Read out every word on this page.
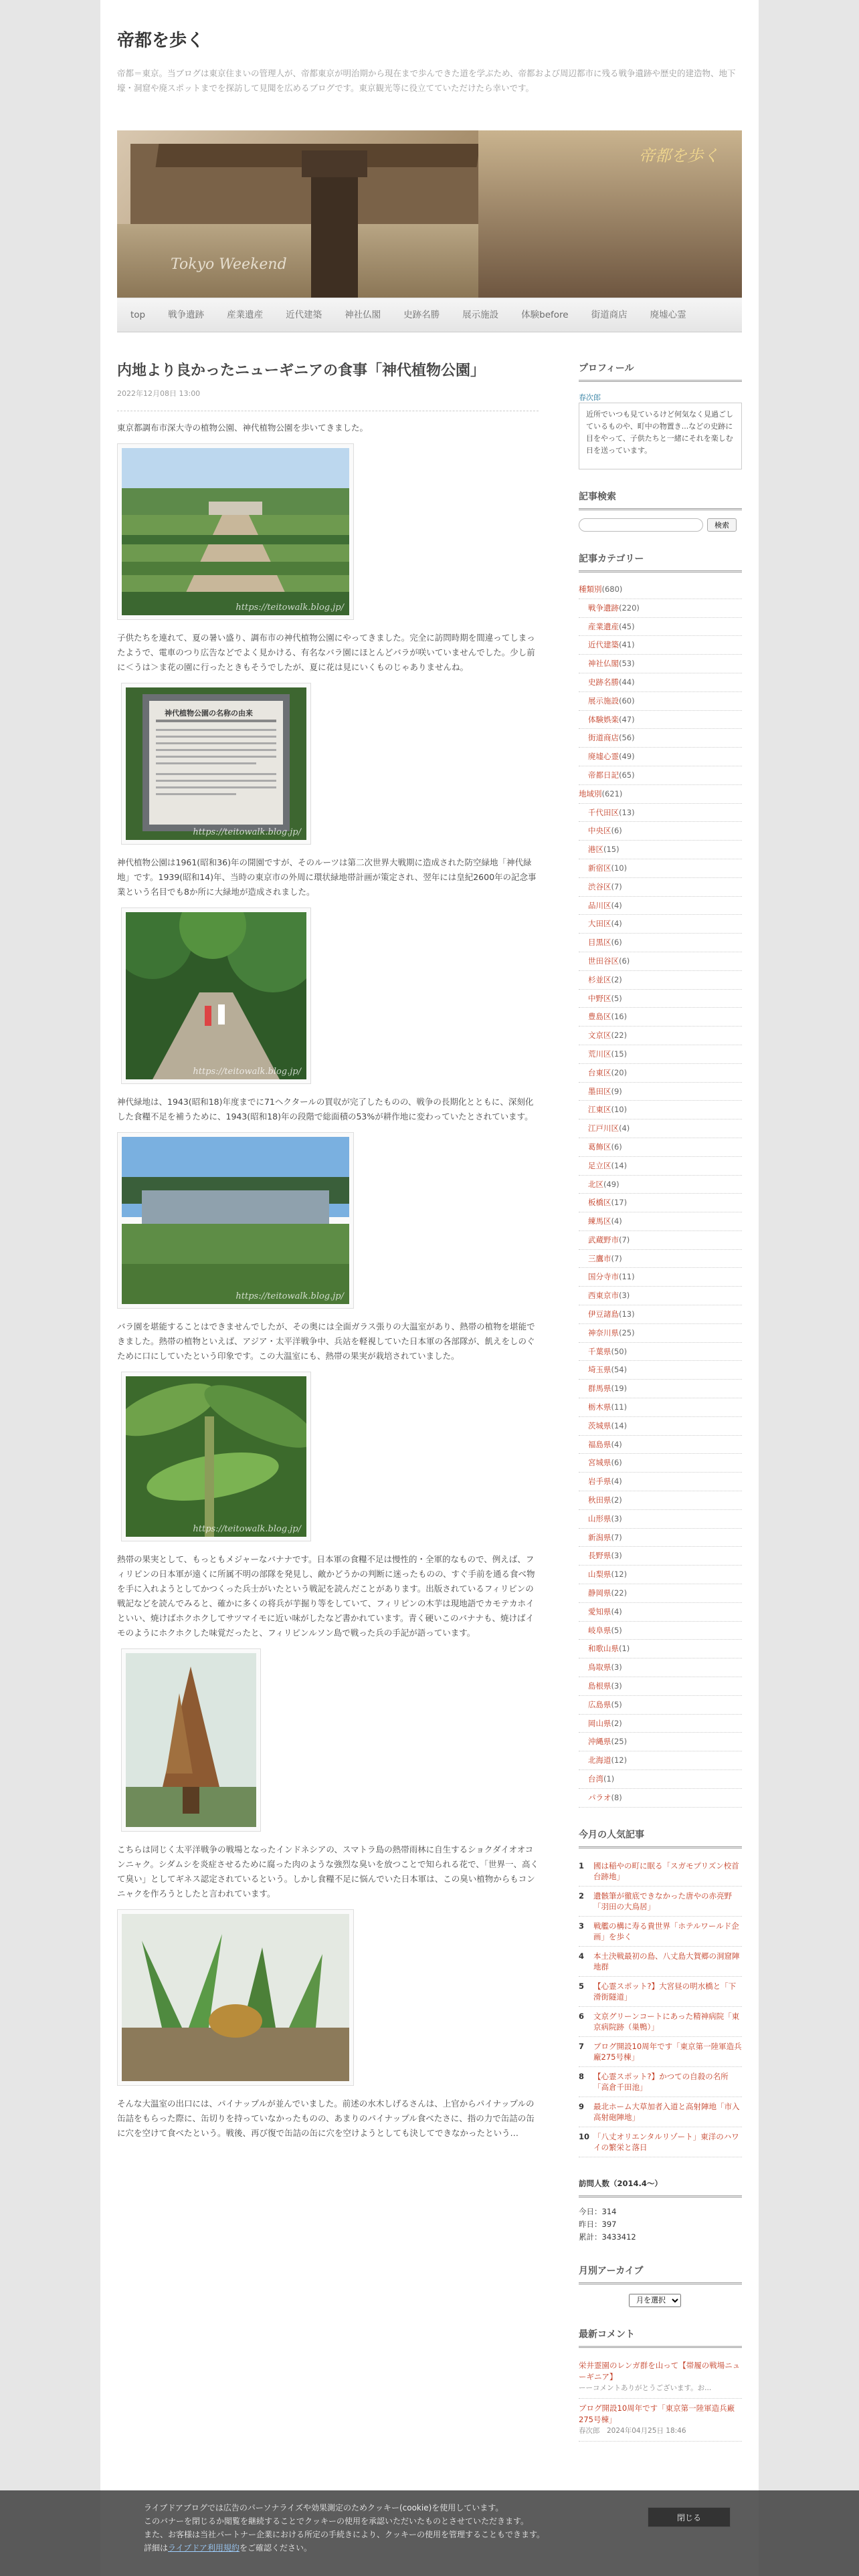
帝都を歩く
帝都＝東京。当ブログは東京住まいの管理人が、帝都東京が明治期から現在まで歩んできた道を学ぶため、帝都および周辺都市に残る戦争遺跡や歴史的建造物、地下壕・洞窟や廃スポットまでを探訪して見聞を広めるブログです。東京観光等に役立てていただけたら幸いです。
帝都を歩く
Tokyo Weekend
top	戦争遺跡	産業遺産	近代建築	神社仏閣	史跡名勝	展示施設	体験before	街道商店	廃墟心霊
内地より良かったニューギニアの食事「神代植物公園」
2022年12月08日 13:00

東京都調布市深大寺の植物公園、神代植物公園を歩いてきました。

https://teitowalk.blog.jp/

子供たちを連れて、夏の暑い盛り、調布市の神代植物公園にやってきました。完全に訪問時期を間違ってしまったようで、電車のつり広告などでよく見かける、有名なバラ園にほとんどバラが咲いていませんでした。少し前に＜うは＞ま花の園に行ったときもそうでしたが、夏に花は見にいくものじゃありませんね。

神代植物公園の名称の由来
https://teitowalk.blog.jp/

神代植物公園は1961(昭和36)年の開園ですが、そのルーツは第二次世界大戦期に造成された防空緑地「神代緑地」です。1939(昭和14)年、当時の東京市の外周に環状緑地帯計画が策定され、翌年には皇紀2600年の記念事業という名目でも8か所に大緑地が造成されました。

https://teitowalk.blog.jp/

神代緑地は、1943(昭和18)年度までに71ヘクタールの買収が完了したものの、戦争の長期化とともに、深刻化した食糧不足を補うために、1943(昭和18)年の段階で総面積の53%が耕作地に変わっていたとされています。

https://teitowalk.blog.jp/

バラ園を堪能することはできませんでしたが、その奥には全面ガラス張りの大温室があり、熱帯の植物を堪能できました。熱帯の植物といえば、アジア・太平洋戦争中、兵站を軽視していた日本軍の各部隊が、飢えをしのぐために口にしていたという印象です。この大温室にも、熱帯の果実が栽培されていました。

https://teitowalk.blog.jp/

熱帯の果実として、もっともメジャーなバナナです。日本軍の食糧不足は慢性的・全軍的なもので、例えば、フィリピンの日本軍が遠くに所属不明の部隊を発見し、敵かどうかの判断に迷ったものの、すぐ手前を通る食べ物を手に入れようとしてかつくった兵士がいたという戦記を読んだことがあります。出版されているフィリピンの戦記などを読んでみると、確かに多くの将兵が芋掘り等をしていて、フィリピンの木芋は現地語でカモテカホイといい、焼けばホクホクしてサツマイモに近い味がしたなど書かれています。青く硬いこのバナナも、焼けばイモのようにホクホクした味覚だったと、フィリピンルソン島で戦った兵の手記が語っています。

こちらは同じく太平洋戦争の戦場となったインドネシアの、スマトラ島の熱帯雨林に自生するショクダイオオコンニャク。シダムシを炎症させるために腐った肉のような強烈な臭いを放つことで知られる花で、「世界一、高くて臭い」としてギネス認定されているという。しかし食糧不足に悩んでいた日本軍は、この臭い植物からもコンニャクを作ろうとしたと言われています。

そんな大温室の出口には、パイナップルが並んでいました。前述の水木しげるさんは、上官からパイナップルの缶詰をもらった際に、缶切りを持っていなかったものの、あまりのパイナップル食べたさに、指の力で缶詰の缶に穴を空けて食べたという。戦後、再び復で缶詰の缶に穴を空けようとしても決してできなかったという…

プロフィール
春次郎
近所でいつも見ているけど何気なく見過ごしているものや、町中の物置き...などの史跡に目をやって、子供たちと一緒にそれを楽しむ日を送っています。
記事検索
検索
記事カテゴリー
種類別(680)
戦争遺跡(220)
産業遺産(45)
近代建築(41)
神社仏閣(53)
史跡名勝(44)
展示施設(60)
体験娯楽(47)
街道商店(56)
廃墟心霊(49)
帝都日記(65)
地域別(621)
千代田区(13)
中央区(6)
港区(15)
新宿区(10)
渋谷区(7)
品川区(4)
大田区(4)
目黒区(6)
世田谷区(6)
杉並区(2)
中野区(5)
豊島区(16)
文京区(22)
荒川区(15)
台東区(20)
墨田区(9)
江東区(10)
江戸川区(4)
葛飾区(6)
足立区(14)
北区(49)
板橋区(17)
練馬区(4)
武蔵野市(7)
三鷹市(7)
国分寺市(11)
西東京市(3)
伊豆諸島(13)
神奈川県(25)
千葉県(50)
埼玉県(54)
群馬県(19)
栃木県(11)
茨城県(14)
福島県(4)
宮城県(6)
岩手県(4)
秋田県(2)
山形県(3)
新潟県(7)
長野県(3)
山梨県(12)
静岡県(22)
愛知県(4)
岐阜県(5)
和歌山県(1)
鳥取県(3)
島根県(3)
広島県(5)
岡山県(2)
沖縄県(25)
北海道(12)
台湾(1)
パラオ(8)
今月の人気記事
1 國は稲やの町に眠る「スガモプリズン校首台跡地」
2 遺骸筆が徹底できなかった唐やの赤亮野「羽田の大鳥居」
3 戦艦の構に寿る貴世界「ホテルワールド企画」を歩く
4 本土決戦最初の島、八丈島大賀郷の洞窟陣地群
5 【心霊スポット?】大宮昼の明水橋と「下滑街隧道」
6 文京グリーンコートにあった精神病院「東京病院跡（巣鴨）」
7 ブログ開設10周年です「東京第一陸軍造兵廠275号棟」
8 【心霊スポット?】かつての自殺の名所「高倉千田池」
9 最北ホーム大草加者入道と高射陣地「市入高射砲陣地」
10 「八丈オリエンタルリゾート」東洋のハワイの繁栄と落日
訪問人数（2014.4～）
今日：314
昨日：397
累計：3433412
月別アーカイブ
月を選択
最新コメント
栄井霊園のレンガ群を山って【帯履の戦場ニューギニア】
ーーコメントありがとうございます。お...
ブログ開設10周年です「東京第一陸軍造兵廠275号棟」
春次郎　2024年04月25日 18:46
ライブドアブログでは広告のパーソナライズや効果測定のためクッキー(cookie)を使用しています。
このバナーを閉じるか閲覧を継続することでクッキーの使用を承認いただいたものとさせていただきます。
また、お客様は当社パートナー企業における所定の手続きにより、クッキーの使用を管理することもできます。
詳細はライブドア利用規約をご確認ください。
閉じる
